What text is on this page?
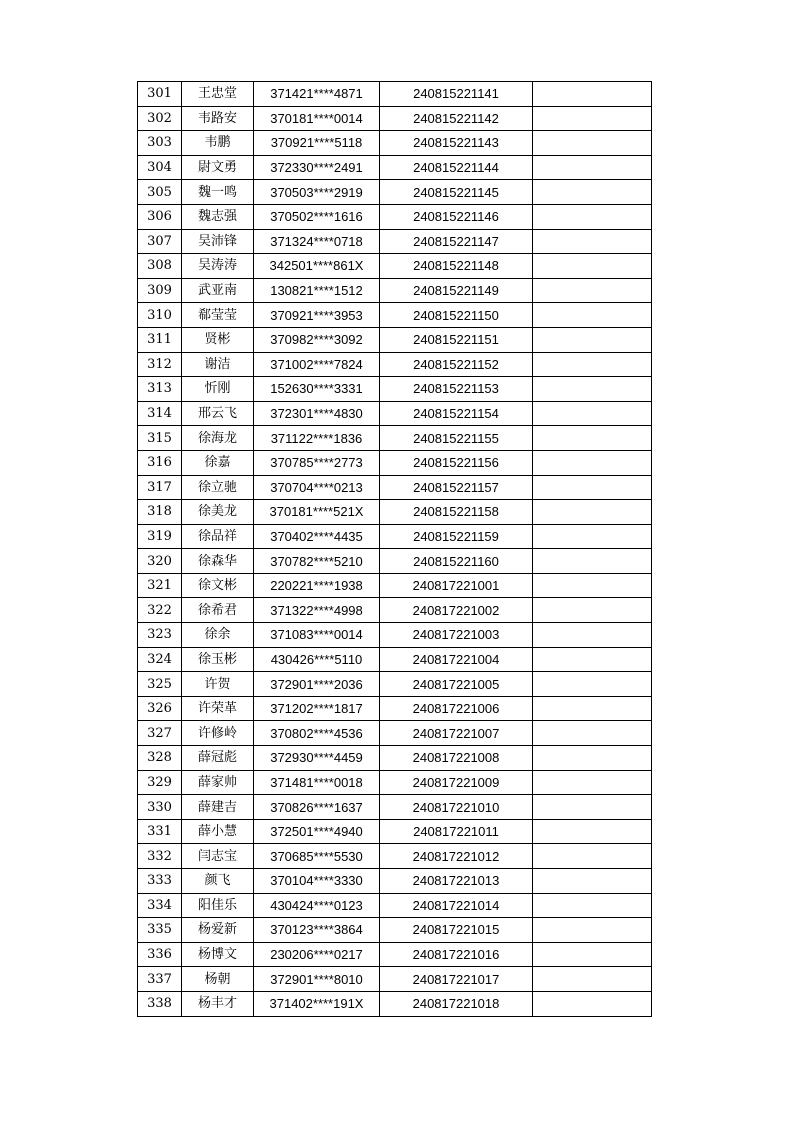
301	王忠堂	371421****4871	240815221141	
302	韦路安	370181****0014	240815221142	
303	韦鹏	370921****5118	240815221143	
304	尉文勇	372330****2491	240815221144	
305	魏一鸣	370503****2919	240815221145	
306	魏志强	370502****1616	240815221146	
307	吴沛锋	371324****0718	240815221147	
308	吴涛涛	342501****861X	240815221148	
309	武亚南	130821****1512	240815221149	
310	郗莹莹	370921****3953	240815221150	
311	贤彬	370982****3092	240815221151	
312	谢洁	371002****7824	240815221152	
313	忻刚	152630****3331	240815221153	
314	邢云飞	372301****4830	240815221154	
315	徐海龙	371122****1836	240815221155	
316	徐嘉	370785****2773	240815221156	
317	徐立驰	370704****0213	240815221157	
318	徐美龙	370181****521X	240815221158	
319	徐品祥	370402****4435	240815221159	
320	徐森华	370782****5210	240815221160	
321	徐文彬	220221****1938	240817221001	
322	徐希君	371322****4998	240817221002	
323	徐余	371083****0014	240817221003	
324	徐玉彬	430426****5110	240817221004	
325	许贺	372901****2036	240817221005	
326	许荣革	371202****1817	240817221006	
327	许修岭	370802****4536	240817221007	
328	薛冠彪	372930****4459	240817221008	
329	薛家帅	371481****0018	240817221009	
330	薛建吉	370826****1637	240817221010	
331	薛小慧	372501****4940	240817221011	
332	闫志宝	370685****5530	240817221012	
333	颜飞	370104****3330	240817221013	
334	阳佳乐	430424****0123	240817221014	
335	杨爱新	370123****3864	240817221015	
336	杨博文	230206****0217	240817221016	
337	杨朝	372901****8010	240817221017	
338	杨丰才	371402****191X	240817221018	
